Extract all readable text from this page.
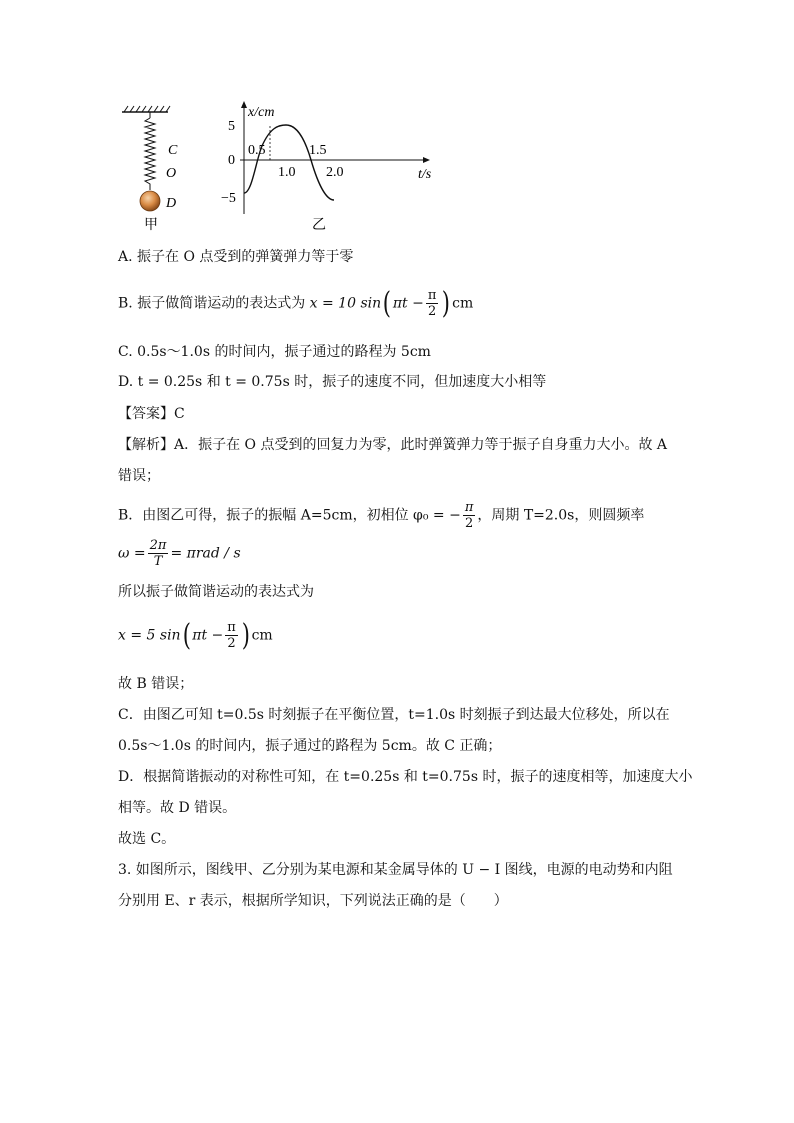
C
O
D
甲
x/cm
t/s
5
0
−5
1.0 2.0
0.5	1.5
乙
A. 振子在 O 点受到的弹簧弹力等于零
B. 振子做简谐运动的表达式为 x = 10 sin( $\pi t - \frac{\pi}{2}$ ) cm
C. 0.5s～1.0s 的时间内，振子通过的路程为 5cm
D. t = 0.25s 和 t = 0.75s 时，振子的速度不同，但加速度大小相等
【答案】C
【解析】A．振子在 O 点受到的回复力为零，此时弹簧弹力等于振子自身重力大小。故 A
错误；
B．由图乙可得，振子的振幅 A=5cm，初相位 φ₀ = − $\frac{\pi}{2}$ ，周期 T=2.0s，则圆频率
$\omega = \frac{2\pi}{T} = \pi rad / s$
所以振子做简谐运动的表达式为
x = 5 sin( $\pi t - \frac{\pi}{2}$ ) cm
故 B 错误；
C．由图乙可知 t=0.5s 时刻振子在平衡位置，t=1.0s 时刻振子到达最大位移处，所以在
0.5s～1.0s 的时间内，振子通过的路程为 5cm。故 C 正确；
D．根据简谐振动的对称性可知，在 t=0.25s 和 t=0.75s 时，振子的速度相等，加速度大小
相等。故 D 错误。
故选 C。
3. 如图所示，图线甲、乙分别为某电源和某金属导体的 U − I 图线，电源的电动势和内阻
分别用 E、r 表示，根据所学知识，下列说法正确的是（　　）
